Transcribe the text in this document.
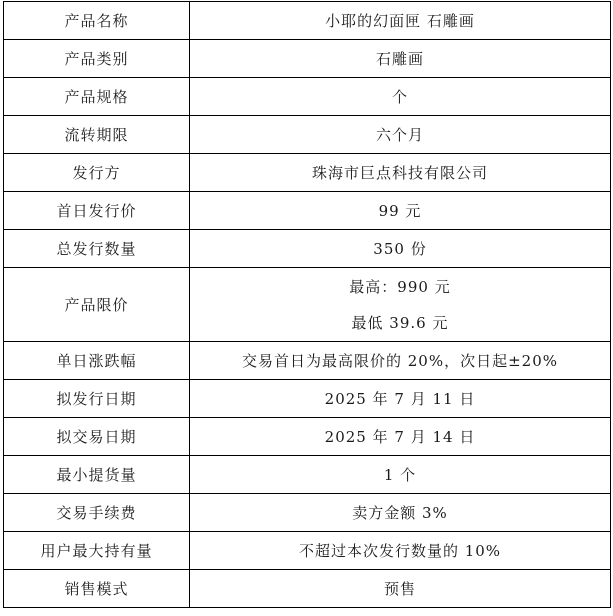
产品名称	小耶的幻面匣 石雕画
产品类别	石雕画
产品规格	个
流转期限	六个月
发行方	珠海市巨点科技有限公司
首日发行价	99 元
总发行数量	350 份
产品限价	最高：990 元
最低 39.6 元

单日涨跌幅	交易首日为最高限价的 20%，次日起±20%
拟发行日期	2025 年 7 月 11 日
拟交易日期	2025 年 7 月 14 日
最小提货量	1 个
交易手续费	卖方金额 3%
用户最大持有量	不超过本次发行数量的 10%
销售模式	预售
